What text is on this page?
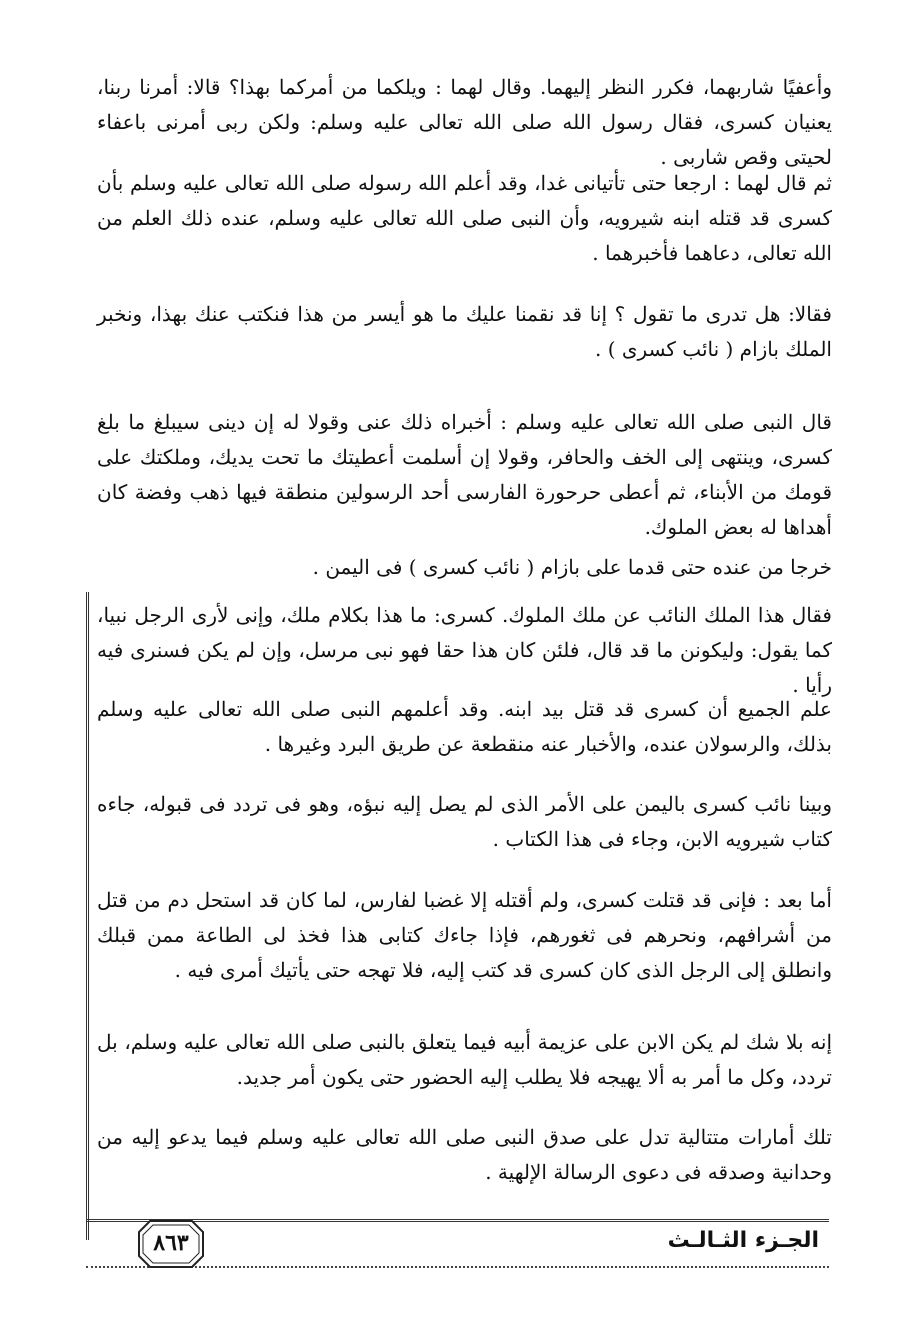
وأعفيًا شاربهما، فكرر النظر إليهما. وقال لهما : ويلكما من أمركما بهذا؟ قالا: أمرنا ربنا، يعنيان كسرى، فقال رسول الله صلى الله تعالى عليه وسلم: ولكن ربى أمرنى باعفاء لحيتى وقص شاربى .

ثم قال لهما : ارجعا حتى تأتيانى غدا، وقد أعلم الله رسوله صلى الله تعالى عليه وسلم بأن كسرى قد قتله ابنه شيرويه، وأن النبى صلى الله تعالى عليه وسلم، عنده ذلك العلم من الله تعالى، دعاهما فأخبرهما .

فقالا: هل تدرى ما تقول ؟ إنا قد نقمنا عليك ما هو أيسر من هذا فنكتب عنك بهذا، ونخبر الملك بازام ( نائب كسرى ) .

قال النبى صلى الله تعالى عليه وسلم : أخبراه ذلك عنى وقولا له إن دينى سيبلغ ما بلغ كسرى، وينتهى إلى الخف والحافر، وقولا إن أسلمت أعطيتك ما تحت يديك، وملكتك على قومك من الأبناء، ثم أعطى حرحورة الفارسى أحد الرسولين منطقة فيها ذهب وفضة كان أهداها له بعض الملوك.

خرجا من عنده حتى قدما على بازام ( نائب كسرى ) فى اليمن .

فقال هذا الملك النائب عن ملك الملوك. كسرى: ما هذا بكلام ملك، وإنى لأرى الرجل نبيا، كما يقول: وليكونن ما قد قال، فلئن كان هذا حقا فهو نبى مرسل، وإن لم يكن فسنرى فيه رأيا .

علم الجميع أن كسرى قد قتل بيد ابنه. وقد أعلمهم النبى صلى الله تعالى عليه وسلم بذلك، والرسولان عنده، والأخبار عنه منقطعة عن طريق البرد وغيرها .

وبينا نائب كسرى باليمن على الأمر الذى لم يصل إليه نبؤه، وهو فى تردد فى قبوله، جاءه كتاب شيرويه الابن، وجاء فى هذا الكتاب .

أما بعد : فإنى قد قتلت كسرى، ولم أقتله إلا غضبا لفارس، لما كان قد استحل دم من قتل من أشرافهم، ونحرهم فى ثغورهم، فإذا جاءك كتابى هذا فخذ لى الطاعة ممن قبلك وانطلق إلى الرجل الذى كان كسرى قد كتب إليه، فلا تهجه حتى يأتيك أمرى فيه .

إنه بلا شك لم يكن الابن على عزيمة أبيه فيما يتعلق بالنبى صلى الله تعالى عليه وسلم، بل تردد، وكل ما أمر به ألا يهيجه فلا يطلب إليه الحضور حتى يكون أمر جديد.

تلك أمارات متتالية تدل على صدق النبى صلى الله تعالى عليه وسلم فيما يدعو إليه من وحدانية وصدقه فى دعوى الرسالة الإلهية .

الجـزء الثـالـث
٨٦٣
